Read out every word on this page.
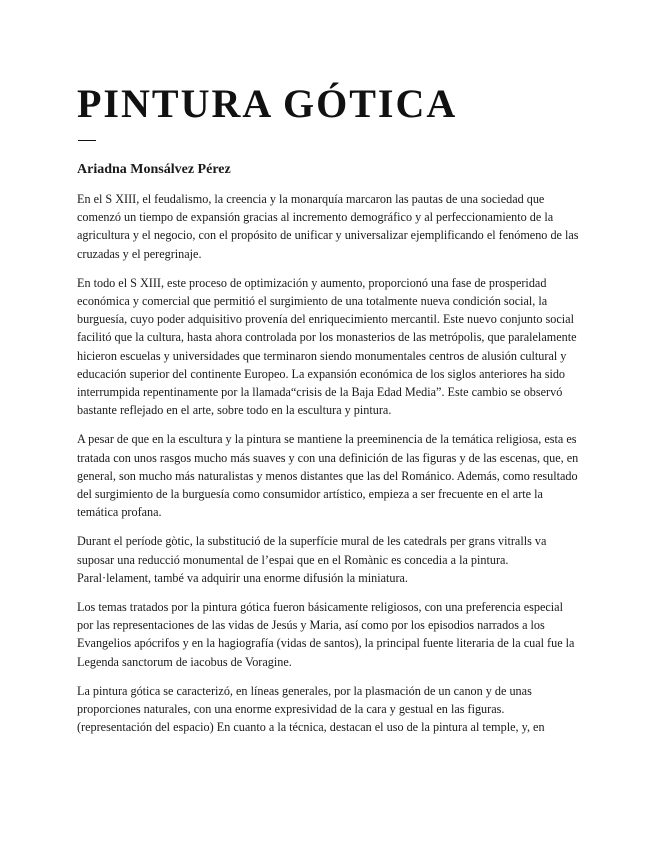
PINTURA GÓTICA

Ariadna Monsálvez Pérez

En el S XIII, el feudalismo, la creencia y la monarquía marcaron las pautas de una sociedad que comenzó un tiempo de expansión gracias al incremento demográfico y al perfeccionamiento de la agricultura y el negocio, con el propósito de unificar y universalizar ejemplificando el fenómeno de las cruzadas y el peregrinaje.

En todo el S XIII, este proceso de optimización y aumento, proporcionó una fase de prosperidad económica y comercial que permitió el surgimiento de una totalmente nueva condición social, la burguesía, cuyo poder adquisitivo provenía del enriquecimiento mercantil. Este nuevo conjunto social facilitó que la cultura, hasta ahora controlada por los monasterios de las metrópolis, que paralelamente hicieron escuelas y universidades que terminaron siendo monumentales centros de alusión cultural y educación superior del continente Europeo. La expansión económica de los siglos anteriores ha sido interrumpida repentinamente por la llamada“crisis de la Baja Edad Media”. Este cambio se observó bastante reflejado en el arte, sobre todo en la escultura y pintura.

A pesar de que en la escultura y la pintura se mantiene la preeminencia de la temática religiosa, esta es tratada con unos rasgos mucho más suaves y con una definición de las figuras y de las escenas, que, en general, son mucho más naturalistas y menos distantes que las del Románico. Además, como resultado del surgimiento de la burguesía como consumidor artístico, empieza a ser frecuente en el arte la temática profana.

Durant el període gòtic, la substitució de la superfície mural de les catedrals per grans vitralls va suposar una reducció monumental de l’espai que en el Romànic es concedia a la pintura. Paral·lelament, també va adquirir una enorme difusión la miniatura.

Los temas tratados por la pintura gótica fueron básicamente religiosos, con una preferencia especial por las representaciones de las vidas de Jesús y Maria, así como por los episodios narrados a los Evangelios apócrifos y en la hagiografía (vidas de santos), la principal fuente literaria de la cual fue la Legenda sanctorum de iacobus de Voragine.

La pintura gótica se caracterizó, en líneas generales, por la plasmación de un canon y de unas proporciones naturales, con una enorme expresividad de la cara y gestual en las figuras. (representación del espacio) En cuanto a la técnica, destacan el uso de la pintura al temple, y, en
